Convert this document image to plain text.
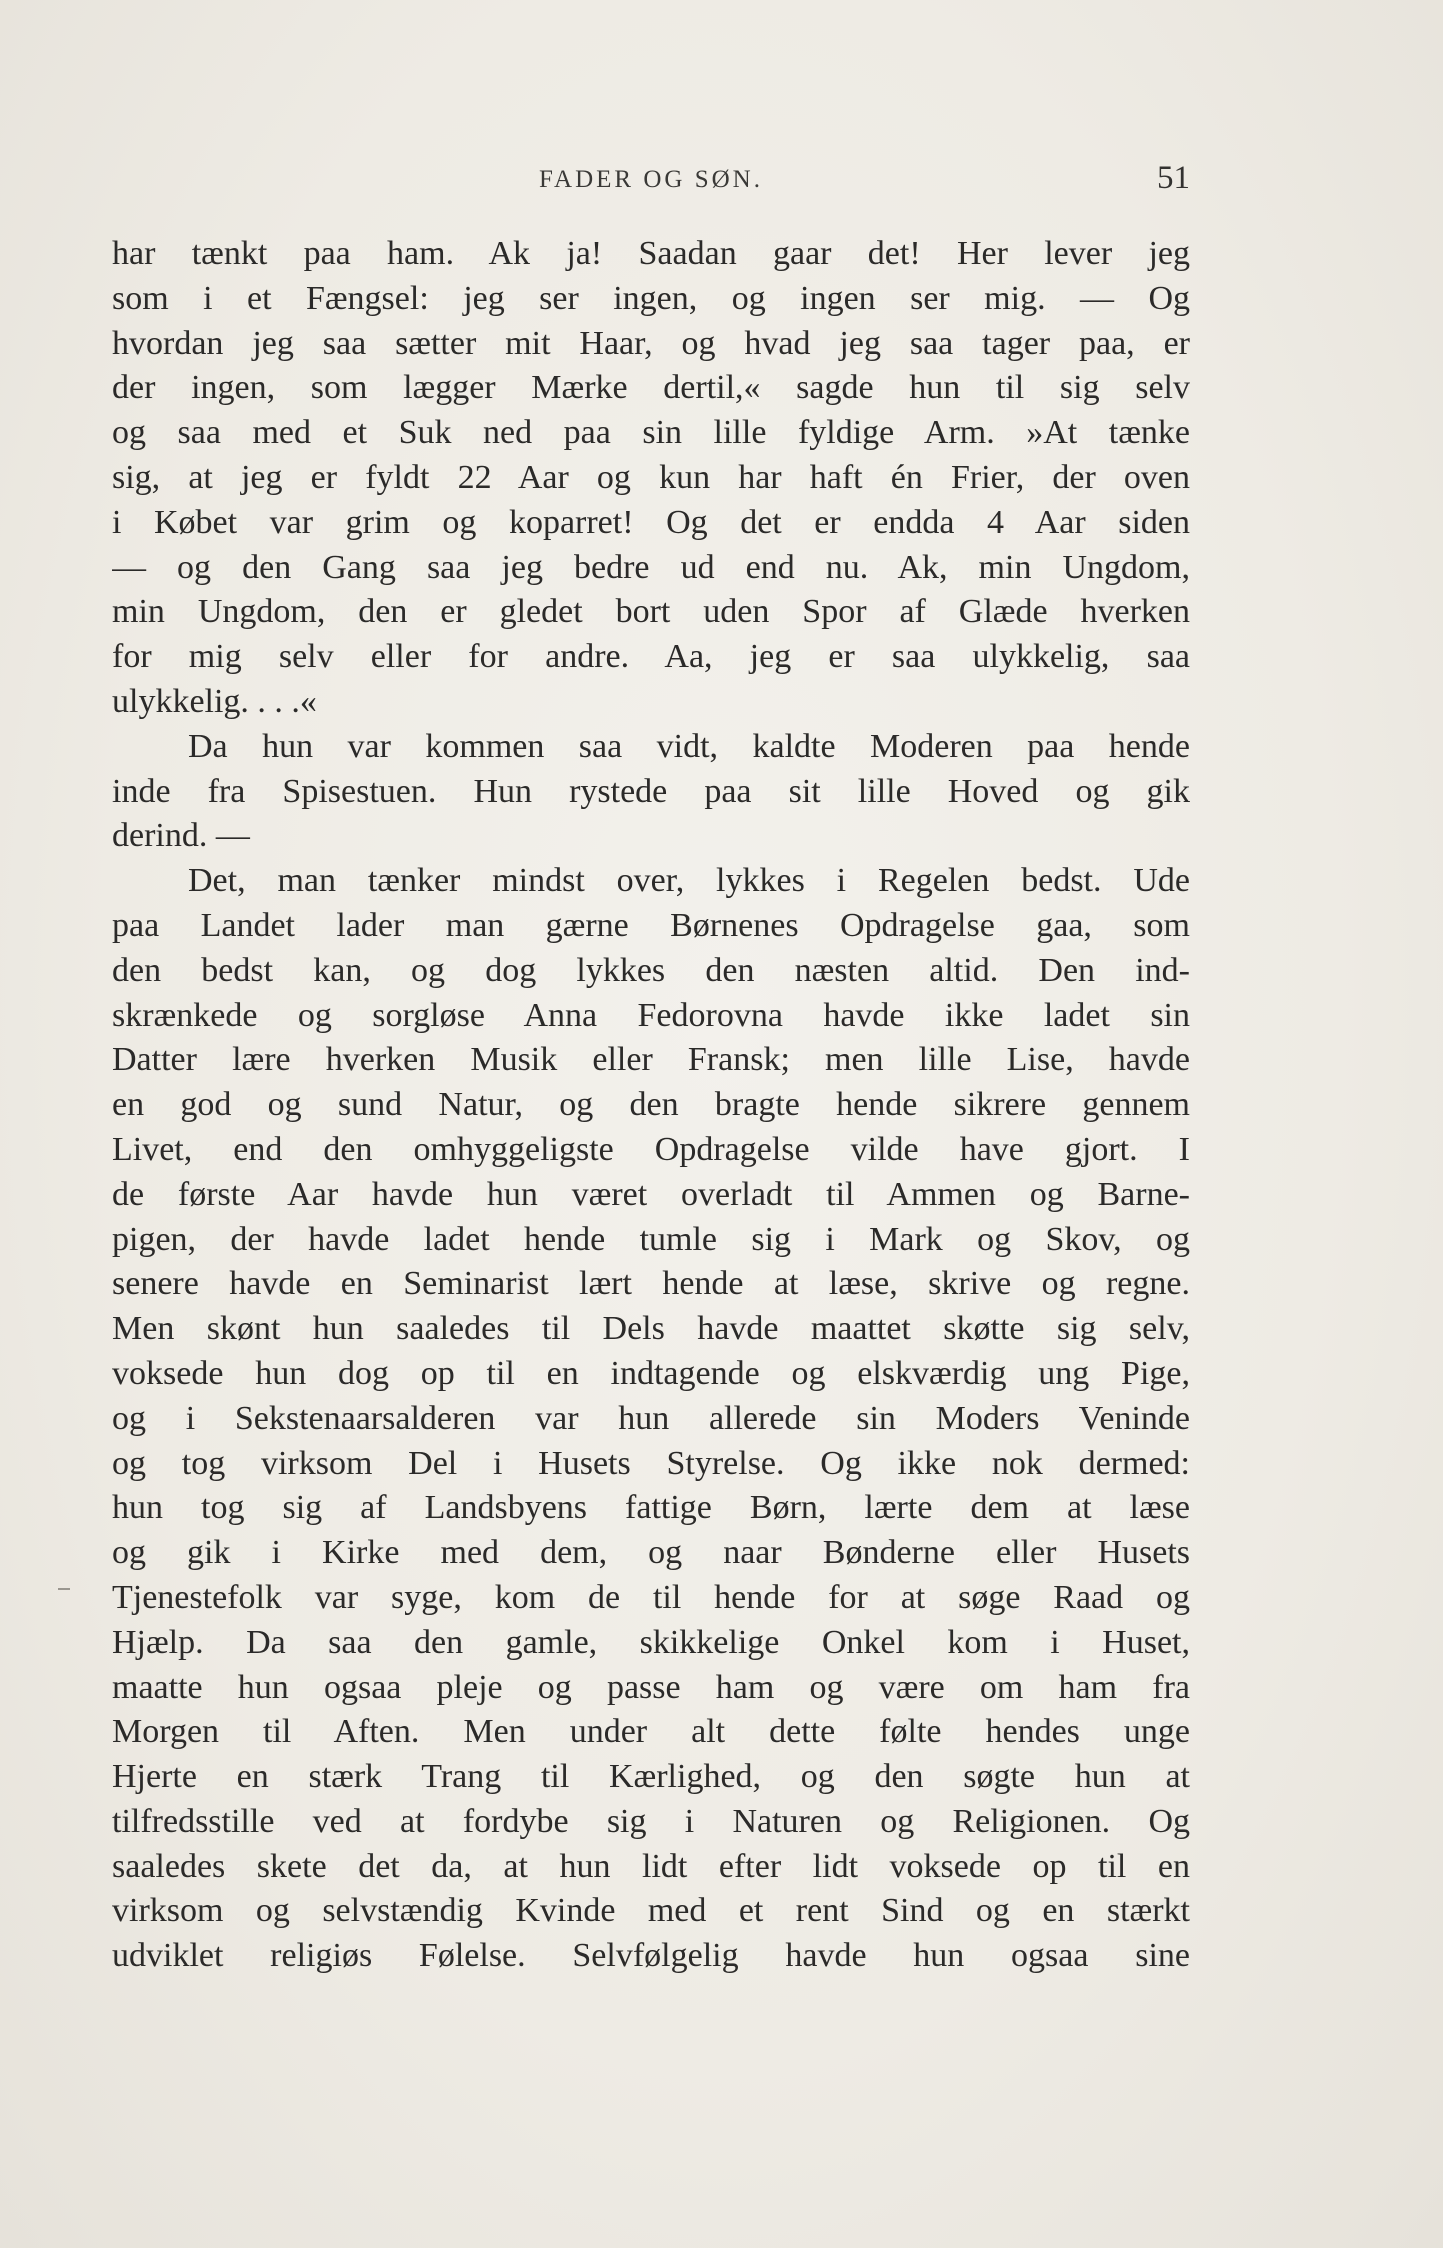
FADER OG SØN.	51
har tænkt paa ham. Ak ja! Saadan gaar det! Her lever jeg
som i et Fængsel: jeg ser ingen, og ingen ser mig. — Og
hvordan jeg saa sætter mit Haar, og hvad jeg saa tager paa, er
der ingen, som lægger Mærke dertil,« sagde hun til sig selv
og saa med et Suk ned paa sin lille fyldige Arm. »At tænke
sig, at jeg er fyldt 22 Aar og kun har haft én Frier, der oven
i Købet var grim og koparret! Og det er endda 4 Aar siden
— og den Gang saa jeg bedre ud end nu. Ak, min Ungdom,
min Ungdom, den er gledet bort uden Spor af Glæde hverken
for mig selv eller for andre. Aa, jeg er saa ulykkelig, saa
ulykkelig. . . .«
Da hun var kommen saa vidt, kaldte Moderen paa hende
inde fra Spisestuen. Hun rystede paa sit lille Hoved og gik
derind. —
Det, man tænker mindst over, lykkes i Regelen bedst. Ude
paa Landet lader man gærne Børnenes Opdragelse gaa, som
den bedst kan, og dog lykkes den næsten altid. Den ind-
skrænkede og sorgløse Anna Fedorovna havde ikke ladet sin
Datter lære hverken Musik eller Fransk; men lille Lise, havde
en god og sund Natur, og den bragte hende sikrere gennem
Livet, end den omhyggeligste Opdragelse vilde have gjort. I
de første Aar havde hun været overladt til Ammen og Barne-
pigen, der havde ladet hende tumle sig i Mark og Skov, og
senere havde en Seminarist lært hende at læse, skrive og regne.
Men skønt hun saaledes til Dels havde maattet skøtte sig selv,
voksede hun dog op til en indtagende og elskværdig ung Pige,
og i Sekstenaarsalderen var hun allerede sin Moders Veninde
og tog virksom Del i Husets Styrelse. Og ikke nok dermed:
hun tog sig af Landsbyens fattige Børn, lærte dem at læse
og gik i Kirke med dem, og naar Bønderne eller Husets
Tjenestefolk var syge, kom de til hende for at søge Raad og
Hjælp. Da saa den gamle, skikkelige Onkel kom i Huset,
maatte hun ogsaa pleje og passe ham og være om ham fra
Morgen til Aften. Men under alt dette følte hendes unge
Hjerte en stærk Trang til Kærlighed, og den søgte hun at
tilfredsstille ved at fordybe sig i Naturen og Religionen. Og
saaledes skete det da, at hun lidt efter lidt voksede op til en
virksom og selvstændig Kvinde med et rent Sind og en stærkt
udviklet religiøs Følelse. Selvfølgelig havde hun ogsaa sine
